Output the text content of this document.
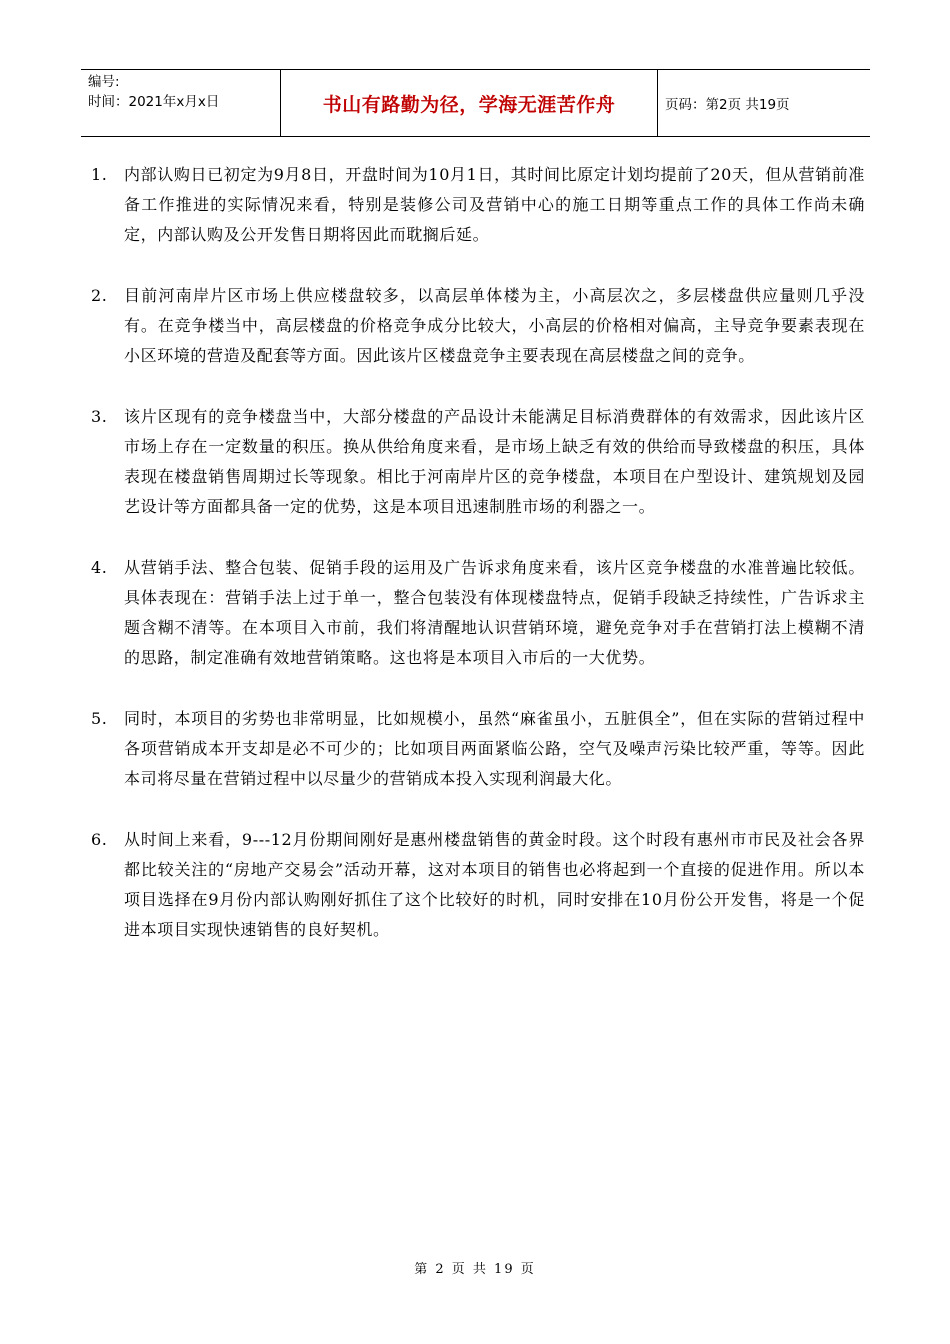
编号:
时间：2021年x月x日	书山有路勤为径，学海无涯苦作舟	页码：第2页 共19页
1.	内部认购日已初定为9月8日，开盘时间为10月1日，其时间比原定计划均提前了20天，但从营销前准备工作推进的实际情况来看，特别是装修公司及营销中心的施工日期等重点工作的具体工作尚未确定，内部认购及公开发售日期将因此而耽搁后延。
2.	目前河南岸片区市场上供应楼盘较多，以高层单体楼为主，小高层次之，多层楼盘供应量则几乎没有。在竞争楼当中，高层楼盘的价格竞争成分比较大，小高层的价格相对偏高，主导竞争要素表现在小区环境的营造及配套等方面。因此该片区楼盘竞争主要表现在高层楼盘之间的竞争。
3.	该片区现有的竞争楼盘当中，大部分楼盘的产品设计未能满足目标消费群体的有效需求，因此该片区市场上存在一定数量的积压。换从供给角度来看，是市场上缺乏有效的供给而导致楼盘的积压，具体表现在楼盘销售周期过长等现象。相比于河南岸片区的竞争楼盘，本项目在户型设计、建筑规划及园艺设计等方面都具备一定的优势，这是本项目迅速制胜市场的利器之一。
4.	从营销手法、整合包装、促销手段的运用及广告诉求角度来看，该片区竞争楼盘的水准普遍比较低。具体表现在：营销手法上过于单一，整合包装没有体现楼盘特点，促销手段缺乏持续性，广告诉求主题含糊不清等。在本项目入市前，我们将清醒地认识营销环境，避免竞争对手在营销打法上模糊不清的思路，制定准确有效地营销策略。这也将是本项目入市后的一大优势。
5.	同时，本项目的劣势也非常明显，比如规模小，虽然“麻雀虽小，五脏俱全”，但在实际的营销过程中各项营销成本开支却是必不可少的；比如项目两面紧临公路，空气及噪声污染比较严重，等等。因此本司将尽量在营销过程中以尽量少的营销成本投入实现利润最大化。
6.	从时间上来看，9---12月份期间刚好是惠州楼盘销售的黄金时段。这个时段有惠州市市民及社会各界都比较关注的“房地产交易会”活动开幕，这对本项目的销售也必将起到一个直接的促进作用。所以本项目选择在9月份内部认购刚好抓住了这个比较好的时机，同时安排在10月份公开发售，将是一个促进本项目实现快速销售的良好契机。
第 2 页 共 19 页
